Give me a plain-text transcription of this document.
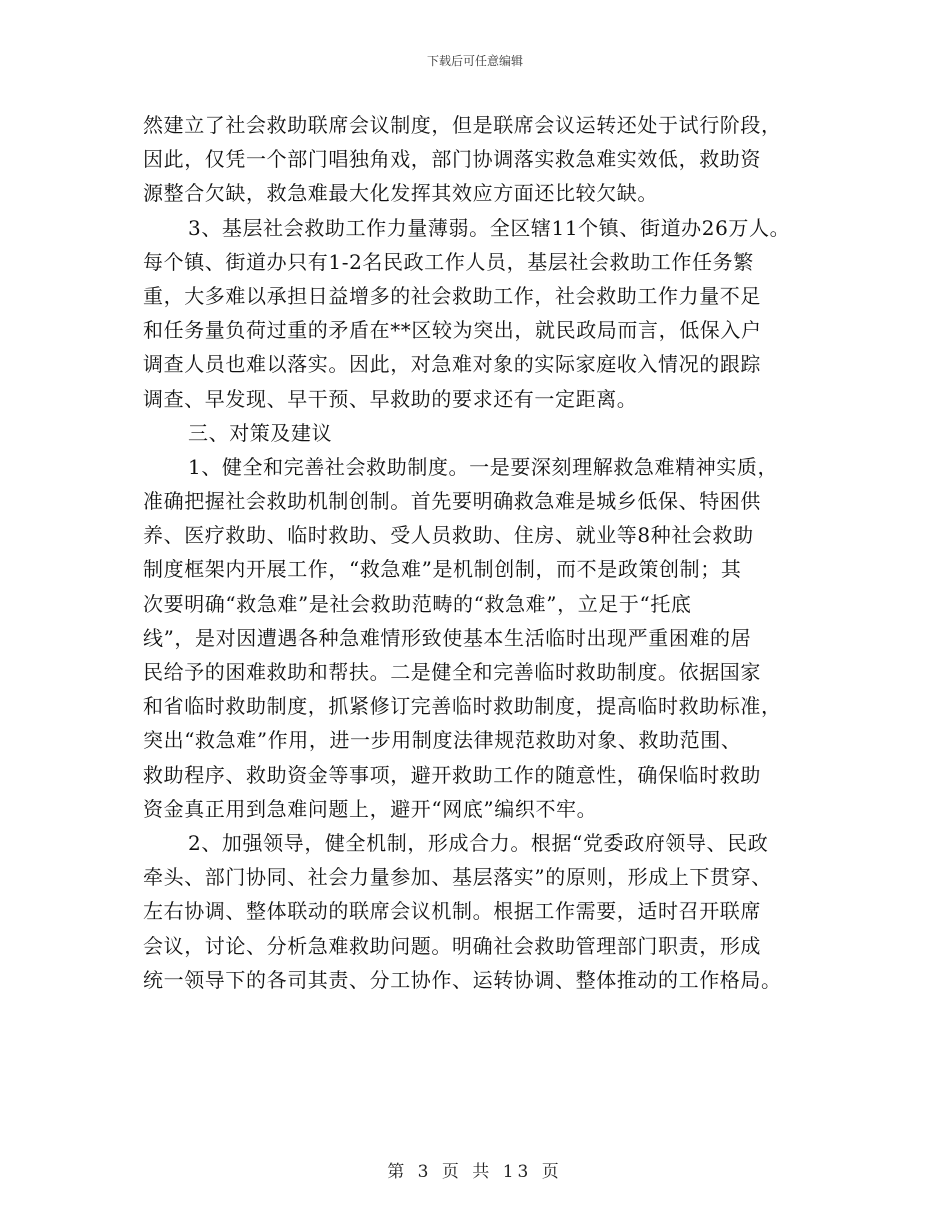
下载后可任意编辑
然建立了社会救助联席会议制度，但是联席会议运转还处于试行阶段，
因此，仅凭一个部门唱独角戏，部门协调落实救急难实效低，救助资
源整合欠缺，救急难最大化发挥其效应方面还比较欠缺。
3、基层社会救助工作力量薄弱。全区辖11个镇、街道办26万人。
每个镇、街道办只有1-2名民政工作人员，基层社会救助工作任务繁
重，大多难以承担日益增多的社会救助工作，社会救助工作力量不足
和任务量负荷过重的矛盾在**区较为突出，就民政局而言，低保入户
调查人员也难以落实。因此，对急难对象的实际家庭收入情况的跟踪
调查、早发现、早干预、早救助的要求还有一定距离。
三、对策及建议
1、健全和完善社会救助制度。一是要深刻理解救急难精神实质，
准确把握社会救助机制创制。首先要明确救急难是城乡低保、特困供
养、医疗救助、临时救助、受人员救助、住房、就业等8种社会救助
制度框架内开展工作，“救急难”是机制创制，而不是政策创制；其
次要明确“救急难”是社会救助范畴的“救急难”，立足于“托底
线”，是对因遭遇各种急难情形致使基本生活临时出现严重困难的居
民给予的困难救助和帮扶。二是健全和完善临时救助制度。依据国家
和省临时救助制度，抓紧修订完善临时救助制度，提高临时救助标准，
突出“救急难”作用，进一步用制度法律规范救助对象、救助范围、
救助程序、救助资金等事项，避开救助工作的随意性，确保临时救助
资金真正用到急难问题上，避开“网底”编织不牢。
2、加强领导，健全机制，形成合力。根据“党委政府领导、民政
牵头、部门协同、社会力量参加、基层落实”的原则，形成上下贯穿、
左右协调、整体联动的联席会议机制。根据工作需要，适时召开联席
会议，讨论、分析急难救助问题。明确社会救助管理部门职责，形成
统一领导下的各司其责、分工协作、运转协调、整体推动的工作格局。
第 3 页 共 13 页
